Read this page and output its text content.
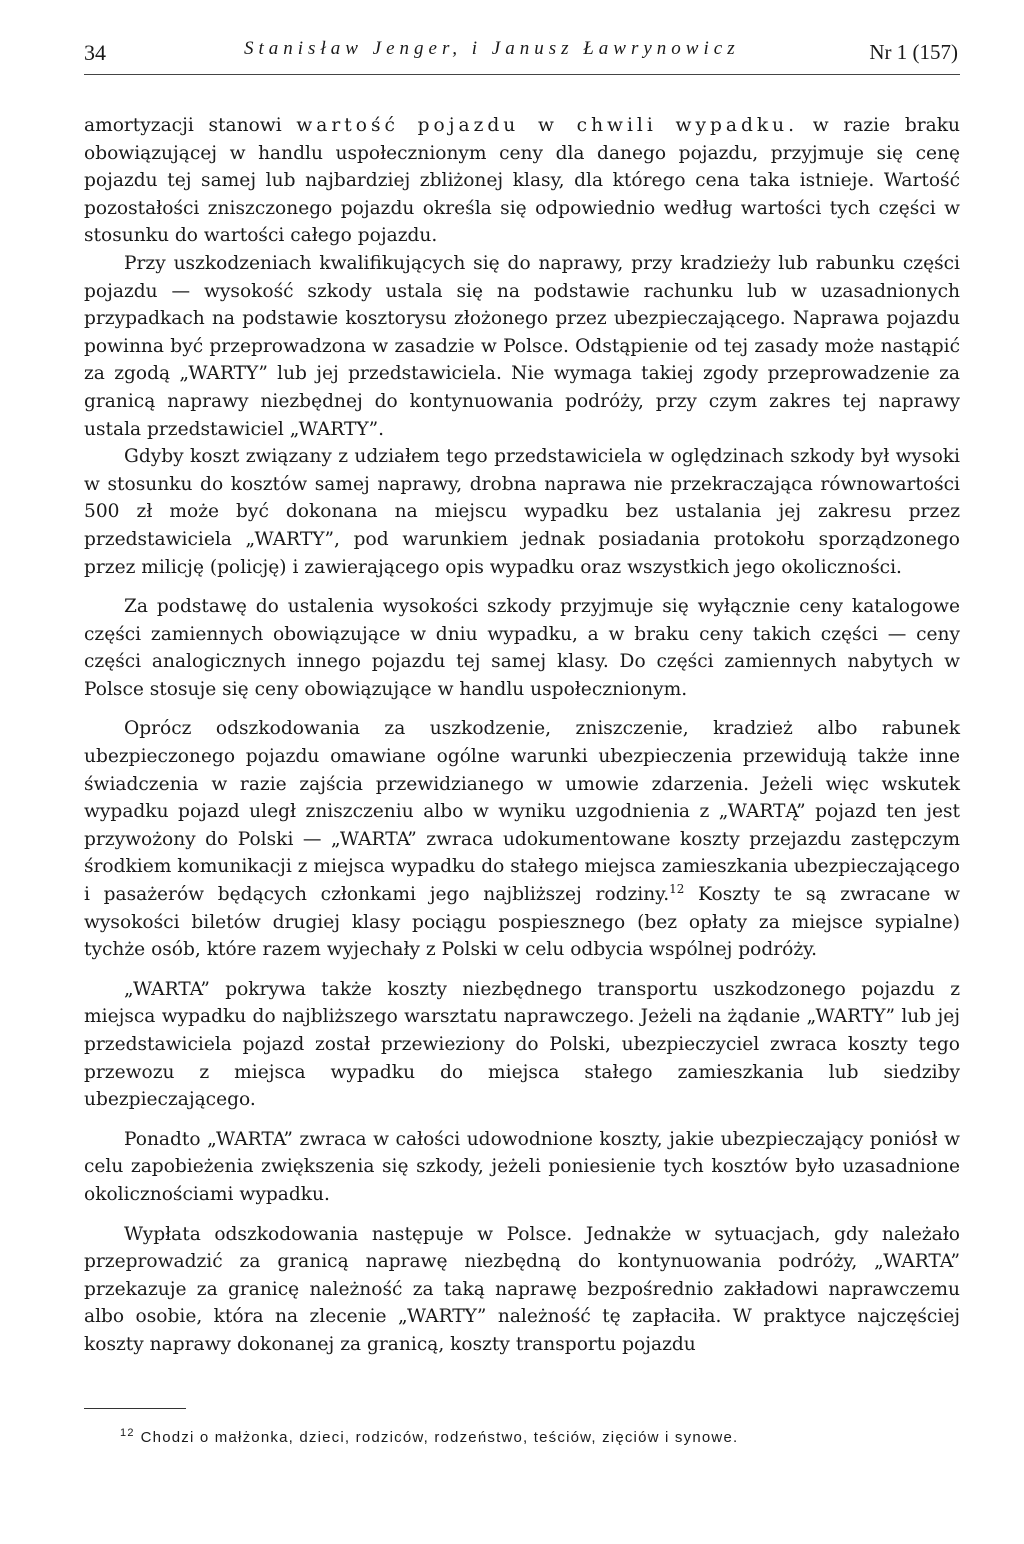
34	Stanisław Jenger, i Janusz Ławrynowicz	Nr 1 (157)

amortyzacji stanowi wartość pojazdu w chwili wypadku. w razie braku obowiązującej w handlu uspołecznionym ceny dla danego pojazdu, przyjmuje się cenę pojazdu tej samej lub najbardziej zbliżonej klasy, dla którego cena taka istnieje. Wartość pozostałości zniszczonego pojazdu określa się odpowiednio według wartości tych części w stosunku do wartości całego pojazdu.

Przy uszkodzeniach kwalifikujących się do naprawy, przy kradzieży lub rabunku części pojazdu — wysokość szkody ustala się na podstawie rachunku lub w uzasadnionych przypadkach na podstawie kosztorysu złożonego przez ubezpieczającego. Naprawa pojazdu powinna być przeprowadzona w zasadzie w Polsce. Odstąpienie od tej zasady może nastąpić za zgodą „WARTY” lub jej przedstawiciela. Nie wymaga takiej zgody przeprowadzenie za granicą naprawy niezbędnej do kontynuowania podróży, przy czym zakres tej naprawy ustala przedstawiciel „WARTY”.

Gdyby koszt związany z udziałem tego przedstawiciela w oględzinach szkody był wysoki w stosunku do kosztów samej naprawy, drobna naprawa nie przekraczająca równowartości 500 zł może być dokonana na miejscu wypadku bez ustalania jej zakresu przez przedstawiciela „WARTY”, pod warunkiem jednak posiadania protokołu sporządzonego przez milicję (policję) i zawierającego opis wypadku oraz wszystkich jego okoliczności.

Za podstawę do ustalenia wysokości szkody przyjmuje się wyłącznie ceny katalogowe części zamiennych obowiązujące w dniu wypadku, a w braku ceny takich części — ceny części analogicznych innego pojazdu tej samej klasy. Do części zamiennych nabytych w Polsce stosuje się ceny obowiązujące w handlu uspołecznionym.

Oprócz odszkodowania za uszkodzenie, zniszczenie, kradzież albo rabunek ubezpieczonego pojazdu omawiane ogólne warunki ubezpieczenia przewidują także inne świadczenia w razie zajścia przewidzianego w umowie zdarzenia. Jeżeli więc wskutek wypadku pojazd uległ zniszczeniu albo w wyniku uzgodnienia z „WARTĄ” pojazd ten jest przywożony do Polski — „WARTA” zwraca udokumentowane koszty przejazdu zastępczym środkiem komunikacji z miejsca wypadku do stałego miejsca zamieszkania ubezpieczającego i pasażerów będących członkami jego najbliższej rodziny.$^{12}$ Koszty te są zwracane w wysokości biletów drugiej klasy pociągu pospiesznego (bez opłaty za miejsce sypialne) tychże osób, które razem wyjechały z Polski w celu odbycia wspólnej podróży.

„WARTA” pokrywa także koszty niezbędnego transportu uszkodzonego pojazdu z miejsca wypadku do najbliższego warsztatu naprawczego. Jeżeli na żądanie „WARTY” lub jej przedstawiciela pojazd został przewieziony do Polski, ubezpieczyciel zwraca koszty tego przewozu z miejsca wypadku do miejsca stałego zamieszkania lub siedziby ubezpieczającego.

Ponadto „WARTA” zwraca w całości udowodnione koszty, jakie ubezpieczający poniósł w celu zapobieżenia zwiększenia się szkody, jeżeli poniesienie tych kosztów było uzasadnione okolicznościami wypadku.

Wypłata odszkodowania następuje w Polsce. Jednakże w sytuacjach, gdy należało przeprowadzić za granicą naprawę niezbędną do kontynuowania podróży, „WARTA” przekazuje za granicę należność za taką naprawę bezpośrednio zakładowi naprawczemu albo osobie, która na zlecenie „WARTY” należność tę zapłaciła. W praktyce najczęściej koszty naprawy dokonanej za granicą, koszty transportu pojazdu

$^{12}$ Chodzi o małżonka, dzieci, rodziców, rodzeństwo, teściów, zięciów i synowe.
